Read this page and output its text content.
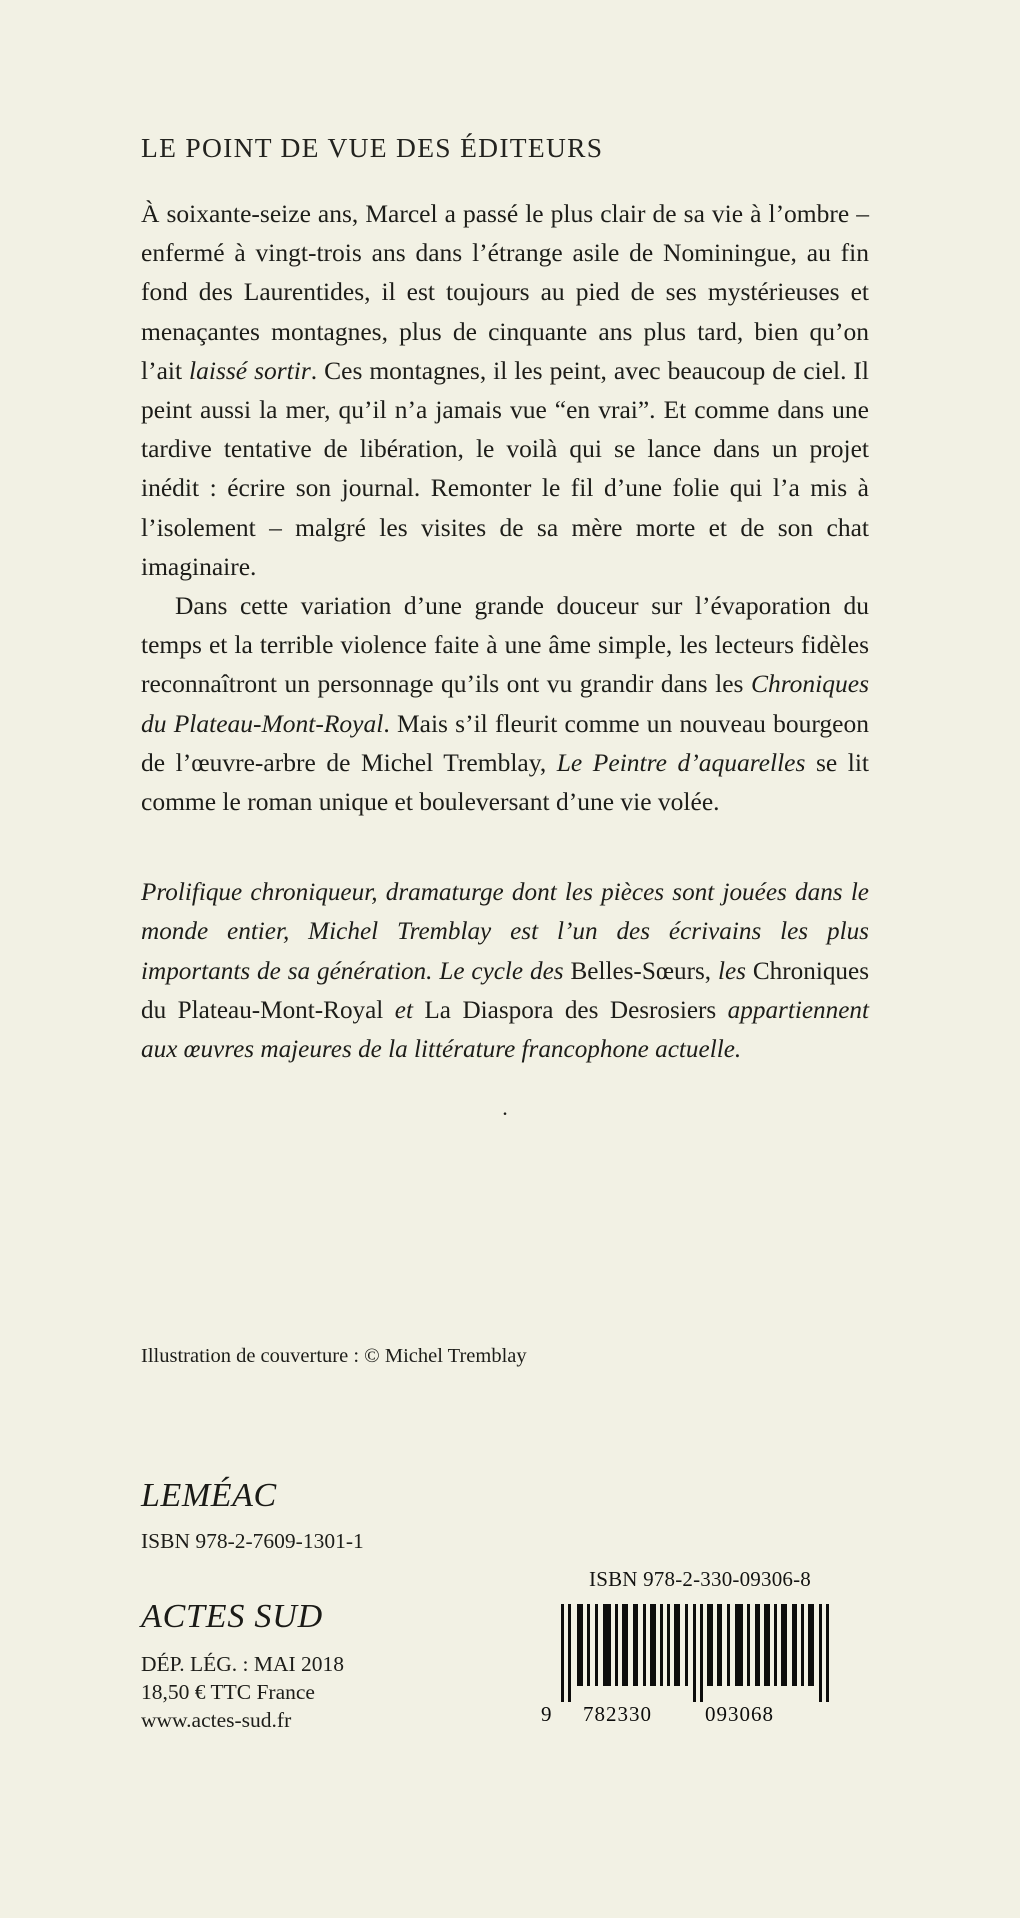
LE POINT DE VUE DES ÉDITEURS

À soixante-seize ans, Marcel a passé le plus clair de sa vie à l’ombre – enfermé à vingt-trois ans dans l’étrange asile de Nominingue, au fin fond des Laurentides, il est toujours au pied de ses mystérieuses et menaçantes montagnes, plus de cinquante ans plus tard, bien qu’on l’ait laissé sortir. Ces montagnes, il les peint, avec beaucoup de ciel. Il peint aussi la mer, qu’il n’a jamais vue “en vrai”. Et comme dans une tardive tentative de libération, le voilà qui se lance dans un projet inédit : écrire son journal. Remonter le fil d’une folie qui l’a mis à l’isolement – malgré les visites de sa mère morte et de son chat imaginaire.

Dans cette variation d’une grande douceur sur l’évaporation du temps et la terrible violence faite à une âme simple, les lecteurs fidèles reconnaîtront un personnage qu’ils ont vu grandir dans les Chroniques du Plateau-Mont-Royal. Mais s’il fleurit comme un nouveau bourgeon de l’œuvre-arbre de Michel Tremblay, Le Peintre d’aquarelles se lit comme le roman unique et bouleversant d’une vie volée.

Prolifique chroniqueur, dramaturge dont les pièces sont jouées dans le monde entier, Michel Tremblay est l’un des écrivains les plus importants de sa génération. Le cycle des Belles-Sœurs, les Chroniques du Plateau-Mont-Royal et La Diaspora des Desrosiers appartiennent aux œuvres majeures de la littérature francophone actuelle.

.
Illustration de couverture : © Michel Tremblay
LEMÉAC
ISBN 978-2-7609-1301-1
ACTES SUD
DÉP. LÉG. : MAI 2018
18,50 € TTC France
www.actes-sud.fr
ISBN 978-2-330-09306-8
9 782330	093068
